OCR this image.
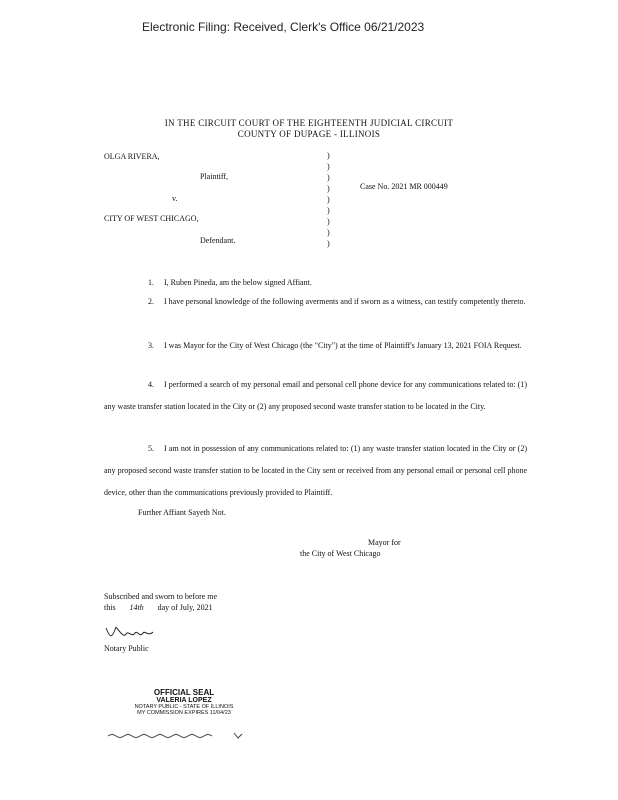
Electronic Filing: Received, Clerk's Office 06/21/2023
IN THE CIRCUIT COURT OF THE EIGHTEENTH JUDICIAL CIRCUIT
COUNTY OF DUPAGE - ILLINOIS
OLGA RIVERA,
Plaintiff,
v.
CITY OF WEST CHICAGO,
Defendant.
)
)
)
)
)
)
)
)
)
Case No. 2021 MR 000449
1. I, Ruben Pineda, am the below signed Affiant.
2. I have personal knowledge of the following averments and if sworn as a witness, can testify competently thereto.
3. I was Mayor for the City of West Chicago (the "City") at the time of Plaintiff's January 13, 2021 FOIA Request.
4. I performed a search of my personal email and personal cell phone device for any communications related to: (1) any waste transfer station located in the City or (2) any proposed second waste transfer station to be located in the City.
5. I am not in possession of any communications related to: (1) any waste transfer station located in the City or (2) any proposed second waste transfer station to be located in the City sent or received from any personal email or personal cell phone device, other than the communications previously provided to Plaintiff.
Further Affiant Sayeth Not.
Mayor for
the City of West Chicago
Subscribed and sworn to before me
this 14th day of July, 2021
Notary Public
OFFICIAL SEAL
VALERIA LOPEZ
NOTARY PUBLIC - STATE OF ILLINOIS
MY COMMISSION EXPIRES 11/04/23
